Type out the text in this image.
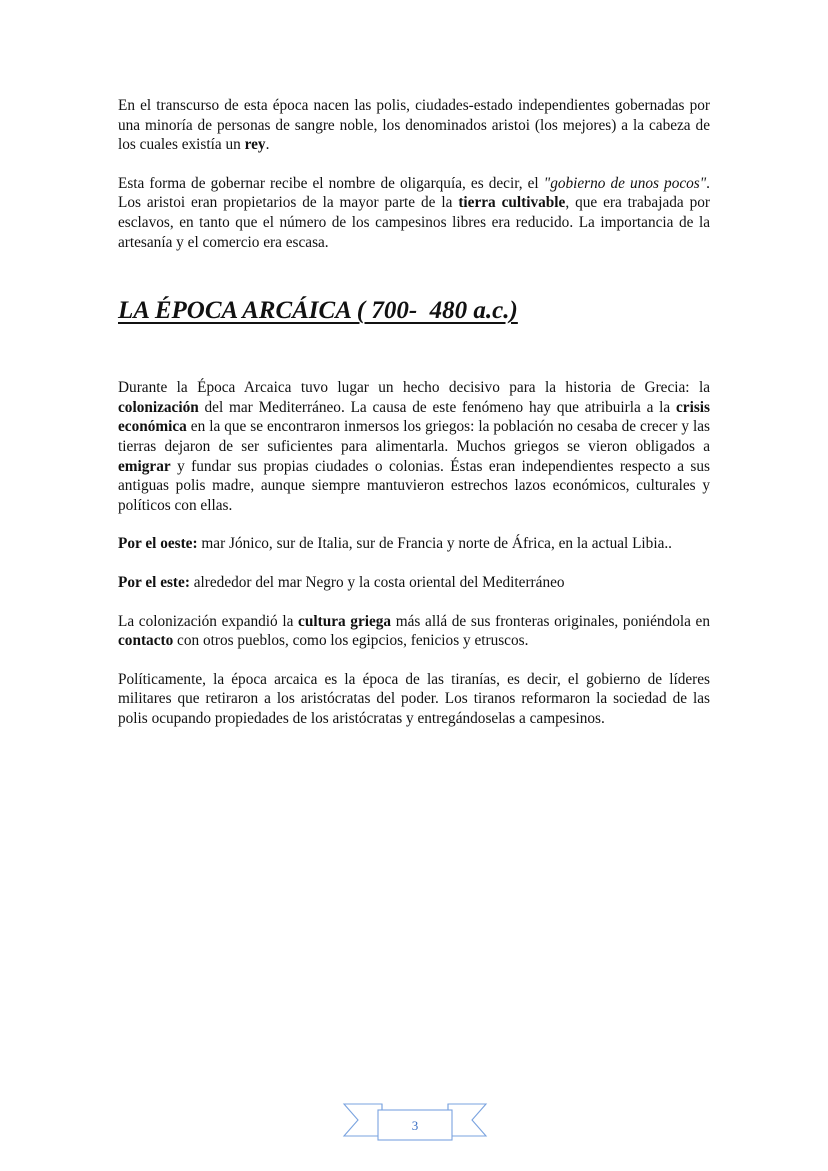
En el transcurso de esta época nacen las polis, ciudades-estado independientes gobernadas por una minoría de personas de sangre noble, los denominados aristoi (los mejores) a la cabeza de los cuales existía un rey.

Esta forma de gobernar recibe el nombre de oligarquía, es decir, el "gobierno de unos pocos". Los aristoi eran propietarios de la mayor parte de la tierra cultivable, que era trabajada por esclavos, en tanto que el número de los campesinos libres era reducido. La importancia de la artesanía y el comercio era escasa.

LA ÉPOCA ARCÁICA ( 700-  480 a.c.)

Durante la Época Arcaica tuvo lugar un hecho decisivo para la historia de Grecia: la colonización del mar Mediterráneo. La causa de este fenómeno hay que atribuirla a la crisis económica en la que se encontraron inmersos los griegos: la población no cesaba de crecer y las tierras dejaron de ser suficientes para alimentarla. Muchos griegos se vieron obligados a emigrar y fundar sus propias ciudades o colonias. Éstas eran independientes respecto a sus antiguas polis madre, aunque siempre mantuvieron estrechos lazos económicos, culturales y políticos con ellas.

Por el oeste: mar Jónico, sur de Italia, sur de Francia y norte de África, en la actual Libia..

Por el este: alrededor del mar Negro y la costa oriental del Mediterráneo

La colonización expandió la cultura griega más allá de sus fronteras originales, poniéndola en contacto con otros pueblos, como los egipcios, fenicios y etruscos.

Políticamente, la época arcaica es la época de las tiranías, es decir, el gobierno de líderes militares que retiraron a los aristócratas del poder. Los tiranos reformaron la sociedad de las polis ocupando propiedades de los aristócratas y entregándoselas a campesinos.

3
